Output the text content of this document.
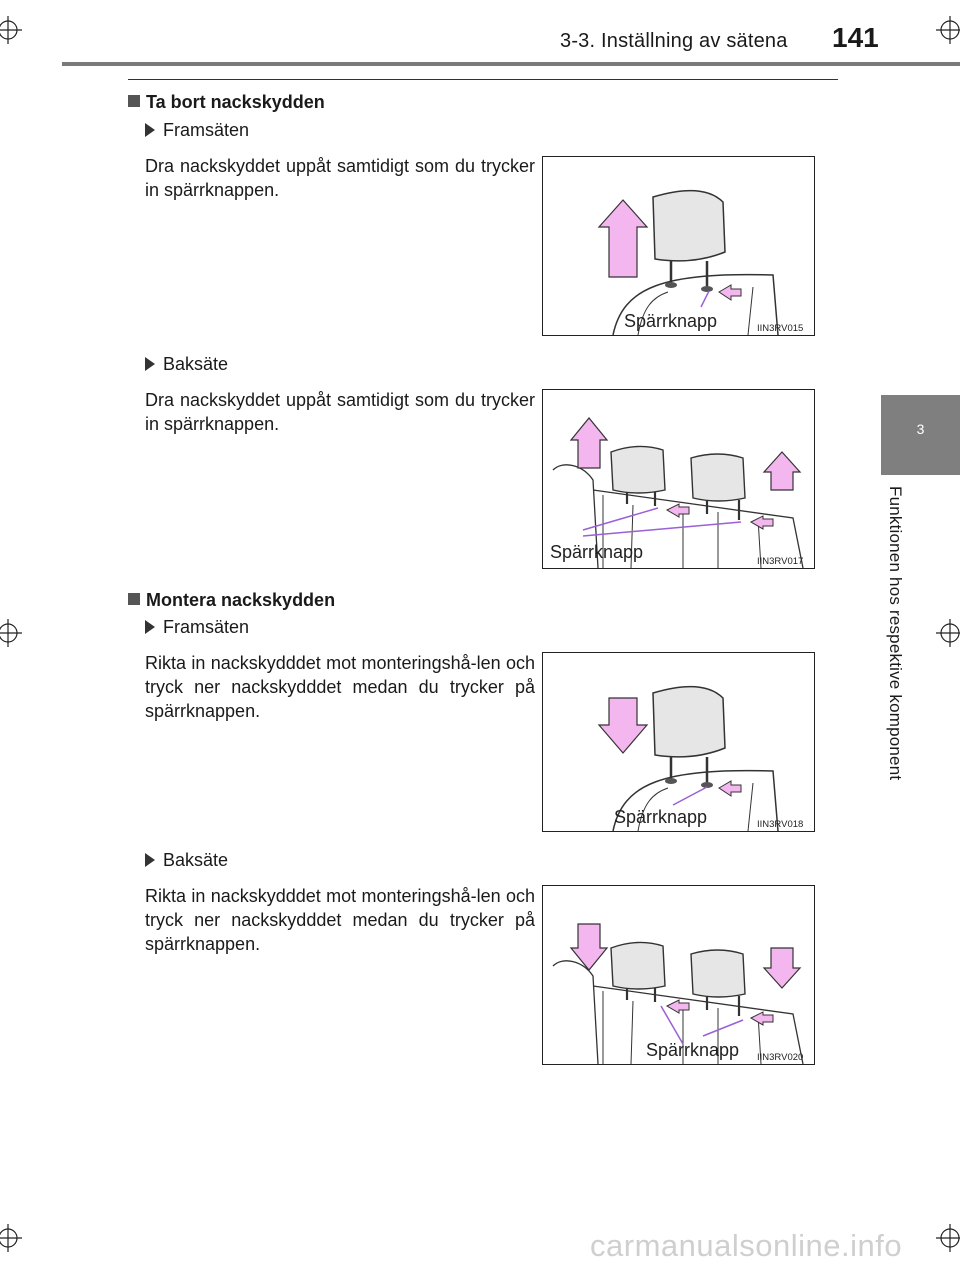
3-3. Inställning av sätena 141
3
Funktionen hos respektive komponent
Ta bort nackskydden
Framsäten
Dra nackskyddet uppåt samtidigt som du trycker in spärrknappen.
Spärrknapp	IIN3RV015
Baksäte
Dra nackskyddet uppåt samtidigt som du trycker in spärrknappen.
Spärrknapp	IIN3RV017
Montera nackskydden
Framsäten
Rikta in nackskydddet mot monteringshå-len och tryck ner nackskydddet medan du trycker på spärrknappen.
Spärrknapp	IIN3RV018
Baksäte
Rikta in nackskydddet mot monteringshå-len och tryck ner nackskydddet medan du trycker på spärrknappen.
Spärrknapp IIN3RV020
carmanualsonline.info
